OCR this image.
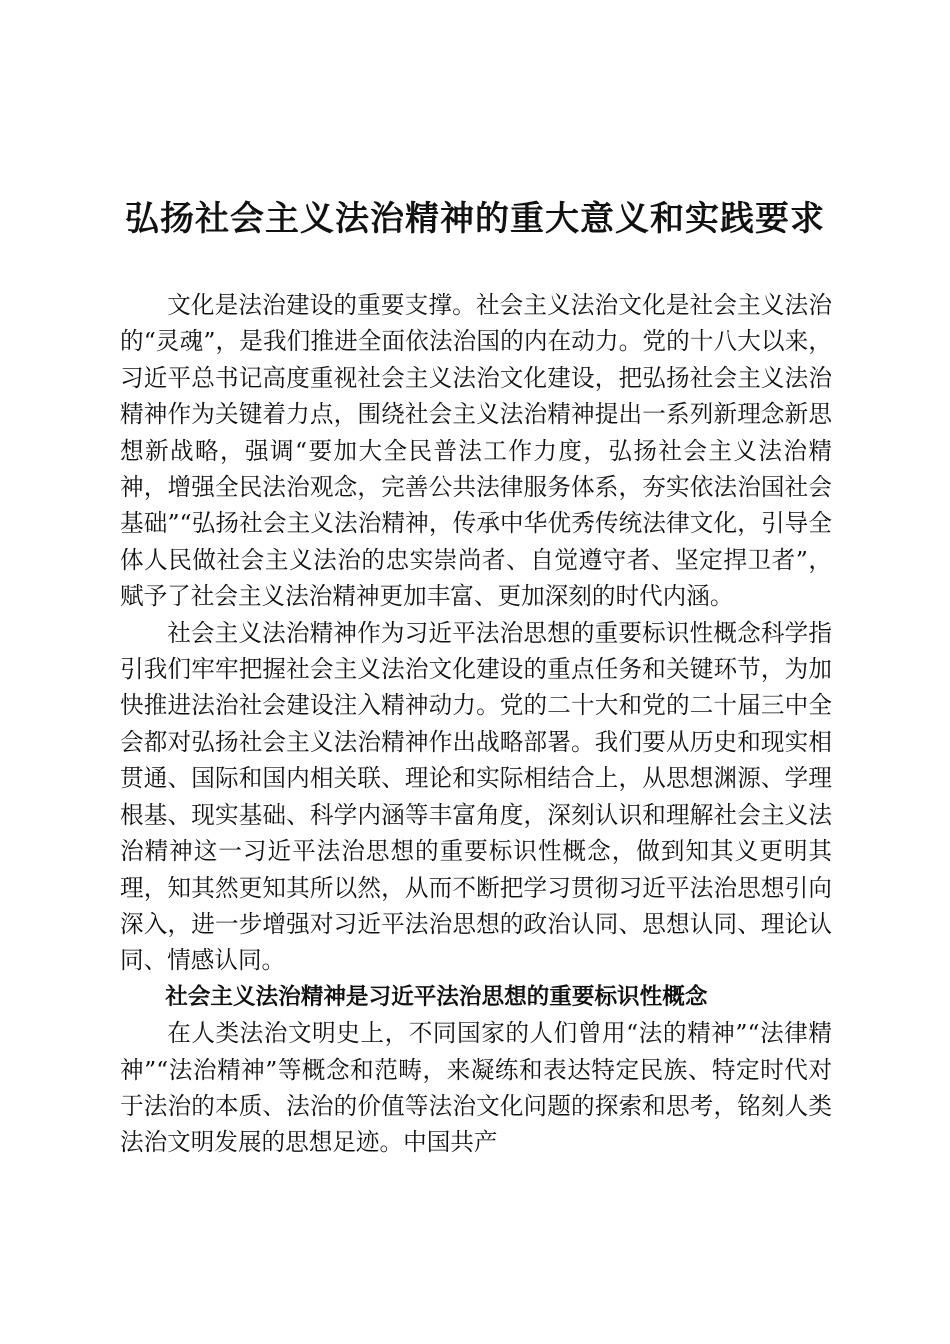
弘扬社会主义法治精神的重大意义和实践要求

文化是法治建设的重要支撑。社会主义法治文化是社会主义法治的“灵魂”，是我们推进全面依法治国的内在动力。党的十八大以来，习近平总书记高度重视社会主义法治文化建设，把弘扬社会主义法治精神作为关键着力点，围绕社会主义法治精神提出一系列新理念新思想新战略，强调“要加大全民普法工作力度，弘扬社会主义法治精神，增强全民法治观念，完善公共法律服务体系，夯实依法治国社会基础”“弘扬社会主义法治精神，传承中华优秀传统法律文化，引导全体人民做社会主义法治的忠实崇尚者、自觉遵守者、坚定捍卫者”，赋予了社会主义法治精神更加丰富、更加深刻的时代内涵。

社会主义法治精神作为习近平法治思想的重要标识性概念科学指引我们牢牢把握社会主义法治文化建设的重点任务和关键环节，为加快推进法治社会建设注入精神动力。党的二十大和党的二十届三中全会都对弘扬社会主义法治精神作出战略部署。我们要从历史和现实相贯通、国际和国内相关联、理论和实际相结合上，从思想渊源、学理根基、现实基础、科学内涵等丰富角度，深刻认识和理解社会主义法治精神这一习近平法治思想的重要标识性概念，做到知其义更明其理，知其然更知其所以然，从而不断把学习贯彻习近平法治思想引向深入，进一步增强对习近平法治思想的政治认同、思想认同、理论认同、情感认同。

社会主义法治精神是习近平法治思想的重要标识性概念

在人类法治文明史上，不同国家的人们曾用“法的精神”“法律精神”“法治精神”等概念和范畴，来凝练和表达特定民族、特定时代对于法治的本质、法治的价值等法治文化问题的探索和思考，铭刻人类法治文明发展的思想足迹。中国共产
